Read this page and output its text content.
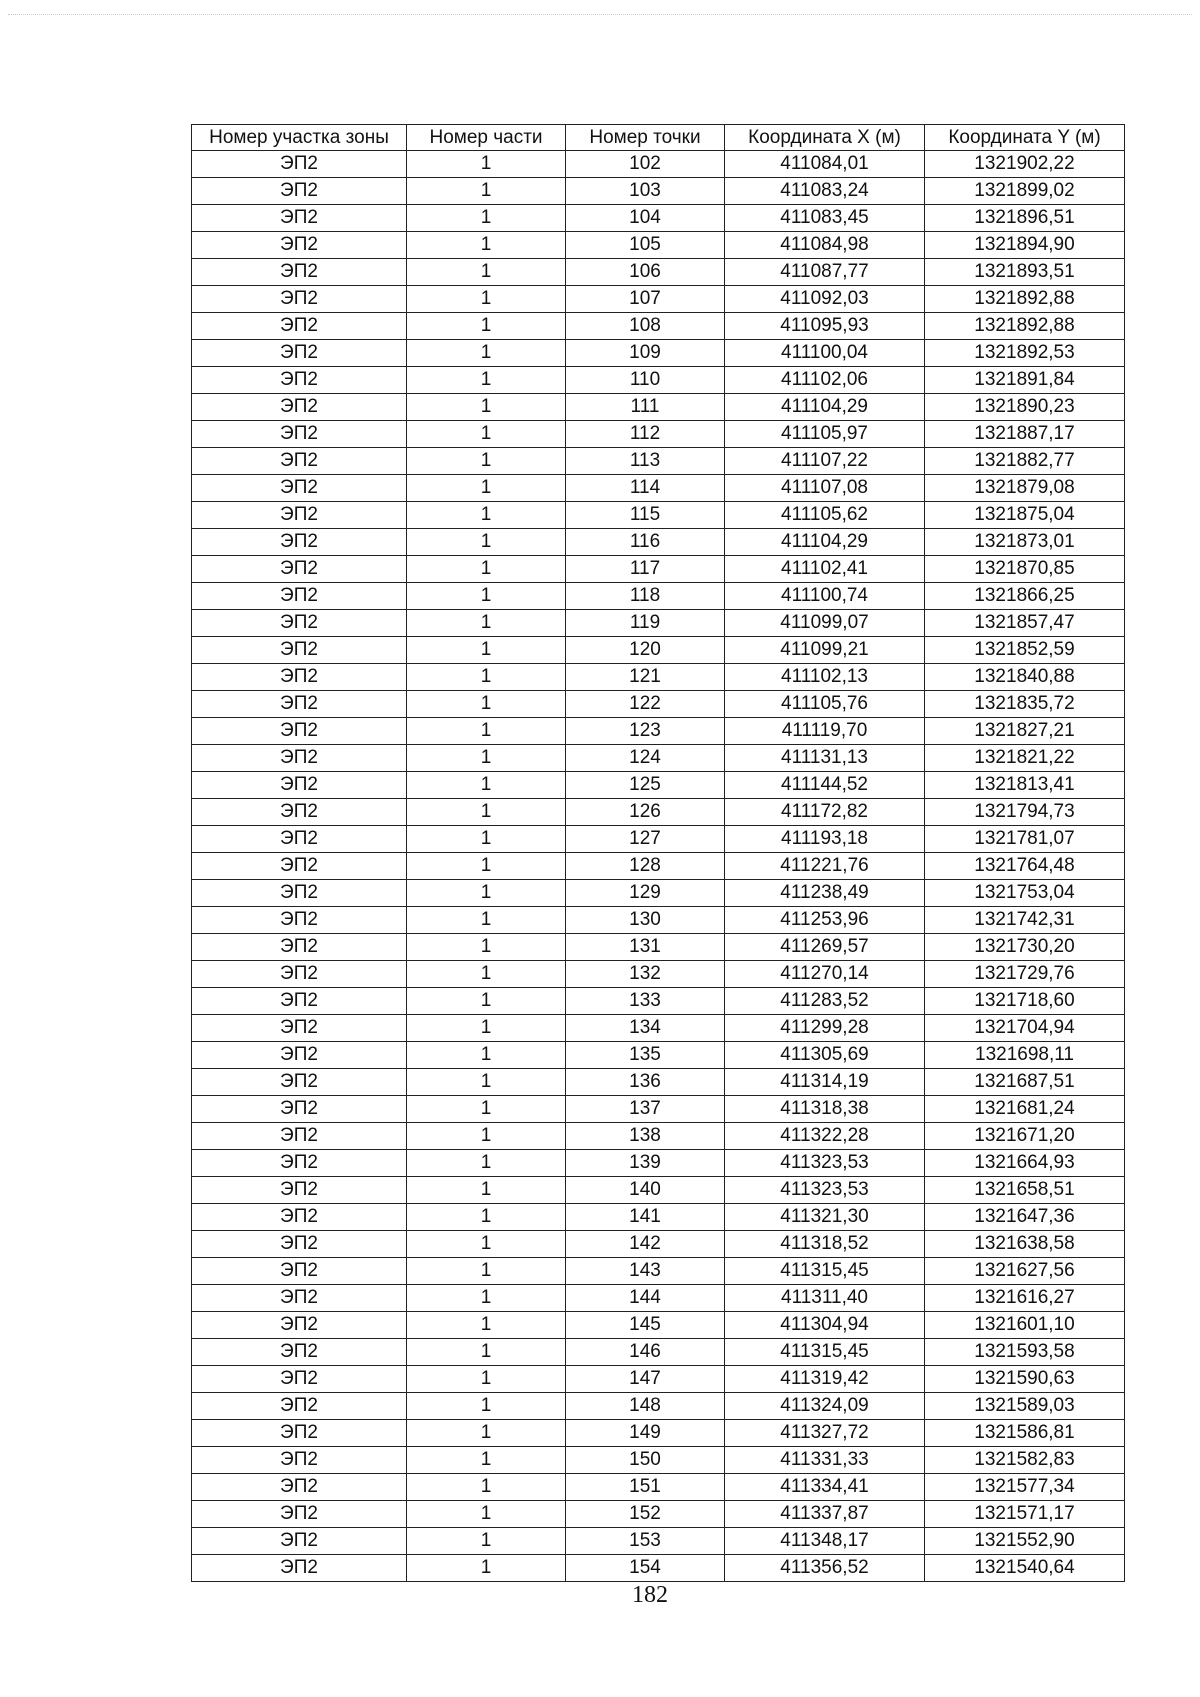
Номер участка зоны	Номер части	Номер точки	Координата X (м)	Координата Y (м)
ЭП2	1	102	411084,01	1321902,22
ЭП2	1	103	411083,24	1321899,02
ЭП2	1	104	411083,45	1321896,51
ЭП2	1	105	411084,98	1321894,90
ЭП2	1	106	411087,77	1321893,51
ЭП2	1	107	411092,03	1321892,88
ЭП2	1	108	411095,93	1321892,88
ЭП2	1	109	411100,04	1321892,53
ЭП2	1	110	411102,06	1321891,84
ЭП2	1	111	411104,29	1321890,23
ЭП2	1	112	411105,97	1321887,17
ЭП2	1	113	411107,22	1321882,77
ЭП2	1	114	411107,08	1321879,08
ЭП2	1	115	411105,62	1321875,04
ЭП2	1	116	411104,29	1321873,01
ЭП2	1	117	411102,41	1321870,85
ЭП2	1	118	411100,74	1321866,25
ЭП2	1	119	411099,07	1321857,47
ЭП2	1	120	411099,21	1321852,59
ЭП2	1	121	411102,13	1321840,88
ЭП2	1	122	411105,76	1321835,72
ЭП2	1	123	411119,70	1321827,21
ЭП2	1	124	411131,13	1321821,22
ЭП2	1	125	411144,52	1321813,41
ЭП2	1	126	411172,82	1321794,73
ЭП2	1	127	411193,18	1321781,07
ЭП2	1	128	411221,76	1321764,48
ЭП2	1	129	411238,49	1321753,04
ЭП2	1	130	411253,96	1321742,31
ЭП2	1	131	411269,57	1321730,20
ЭП2	1	132	411270,14	1321729,76
ЭП2	1	133	411283,52	1321718,60
ЭП2	1	134	411299,28	1321704,94
ЭП2	1	135	411305,69	1321698,11
ЭП2	1	136	411314,19	1321687,51
ЭП2	1	137	411318,38	1321681,24
ЭП2	1	138	411322,28	1321671,20
ЭП2	1	139	411323,53	1321664,93
ЭП2	1	140	411323,53	1321658,51
ЭП2	1	141	411321,30	1321647,36
ЭП2	1	142	411318,52	1321638,58
ЭП2	1	143	411315,45	1321627,56
ЭП2	1	144	411311,40	1321616,27
ЭП2	1	145	411304,94	1321601,10
ЭП2	1	146	411315,45	1321593,58
ЭП2	1	147	411319,42	1321590,63
ЭП2	1	148	411324,09	1321589,03
ЭП2	1	149	411327,72	1321586,81
ЭП2	1	150	411331,33	1321582,83
ЭП2	1	151	411334,41	1321577,34
ЭП2	1	152	411337,87	1321571,17
ЭП2	1	153	411348,17	1321552,90
ЭП2	1	154	411356,52	1321540,64
182
